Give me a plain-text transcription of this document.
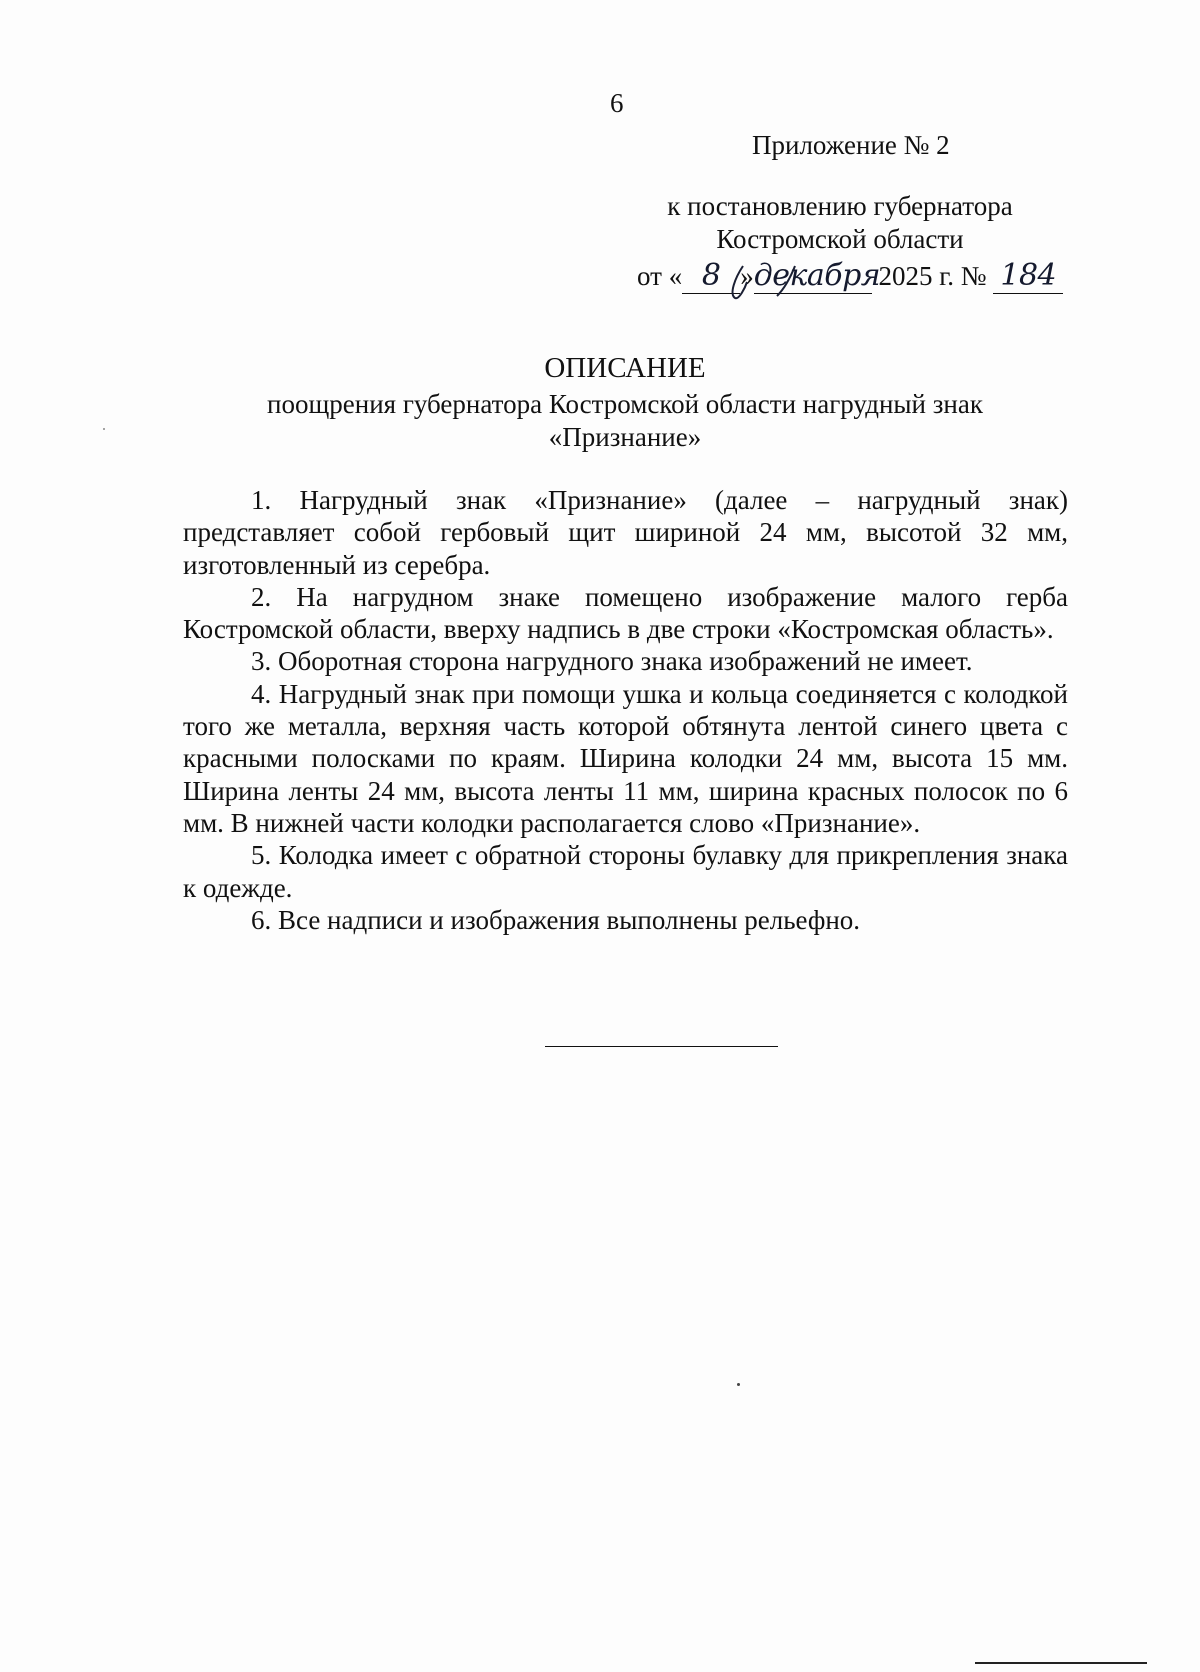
6
Приложение № 2
к постановлению губернатора
Костромской области
от « 8 »декабря 2025 г. № 184
ОПИСАНИЕ
поощрения губернатора Костромской области нагрудный знак
«Признание»

1. Нагрудный знак «Признание» (далее – нагрудный знак) представляет собой гербовый щит шириной 24 мм, высотой 32 мм, изготовленный из серебра.

2. На нагрудном знаке помещено изображение малого герба Костромской области, вверху надпись в две строки «Костромская область».

3. Оборотная сторона нагрудного знака изображений не имеет.

4. Нагрудный знак при помощи ушка и кольца соединяется с колодкой того же металла, верхняя часть которой обтянута лентой синего цвета с красными полосками по краям. Ширина колодки 24 мм, высота 15 мм. Ширина ленты 24 мм, высота ленты 11 мм, ширина красных полосок по 6 мм. В нижней части колодки располагается слово «Признание».

5. Колодка имеет с обратной стороны булавку для прикрепления знака к одежде.

6. Все надписи и изображения выполнены рельефно.
